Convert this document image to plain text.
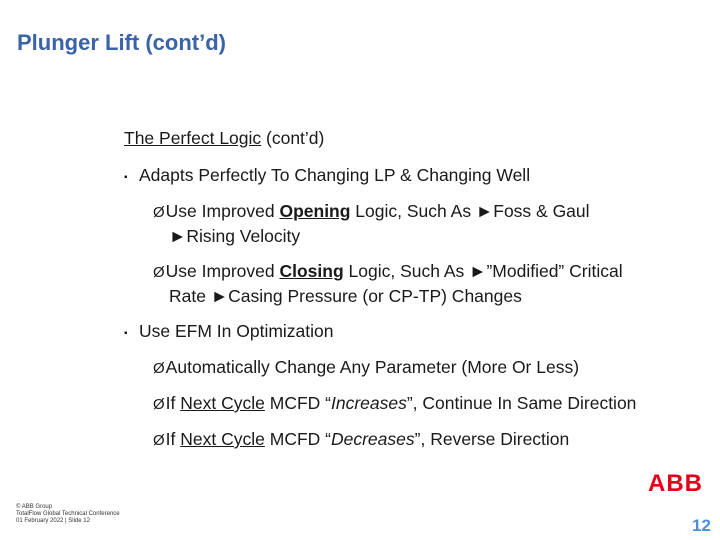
Plunger Lift (cont’d)
The Perfect Logic (cont’d)
▪ Adapts Perfectly To Changing LP & Changing Well
ØUse Improved Opening Logic, Such As ►Foss & Gaul
►Rising Velocity
ØUse Improved Closing Logic, Such As ►”Modified” Critical
Rate ►Casing Pressure (or CP-TP) Changes
▪ Use EFM In Optimization
ØAutomatically Change Any Parameter (More Or Less)
ØIf Next Cycle MCFD “Increases”, Continue In Same Direction
ØIf Next Cycle MCFD “Decreases”, Reverse Direction
© ABB Group
TotalFlow Global Technical Conference
01 February 2022 | Slide 12
ABB
12
